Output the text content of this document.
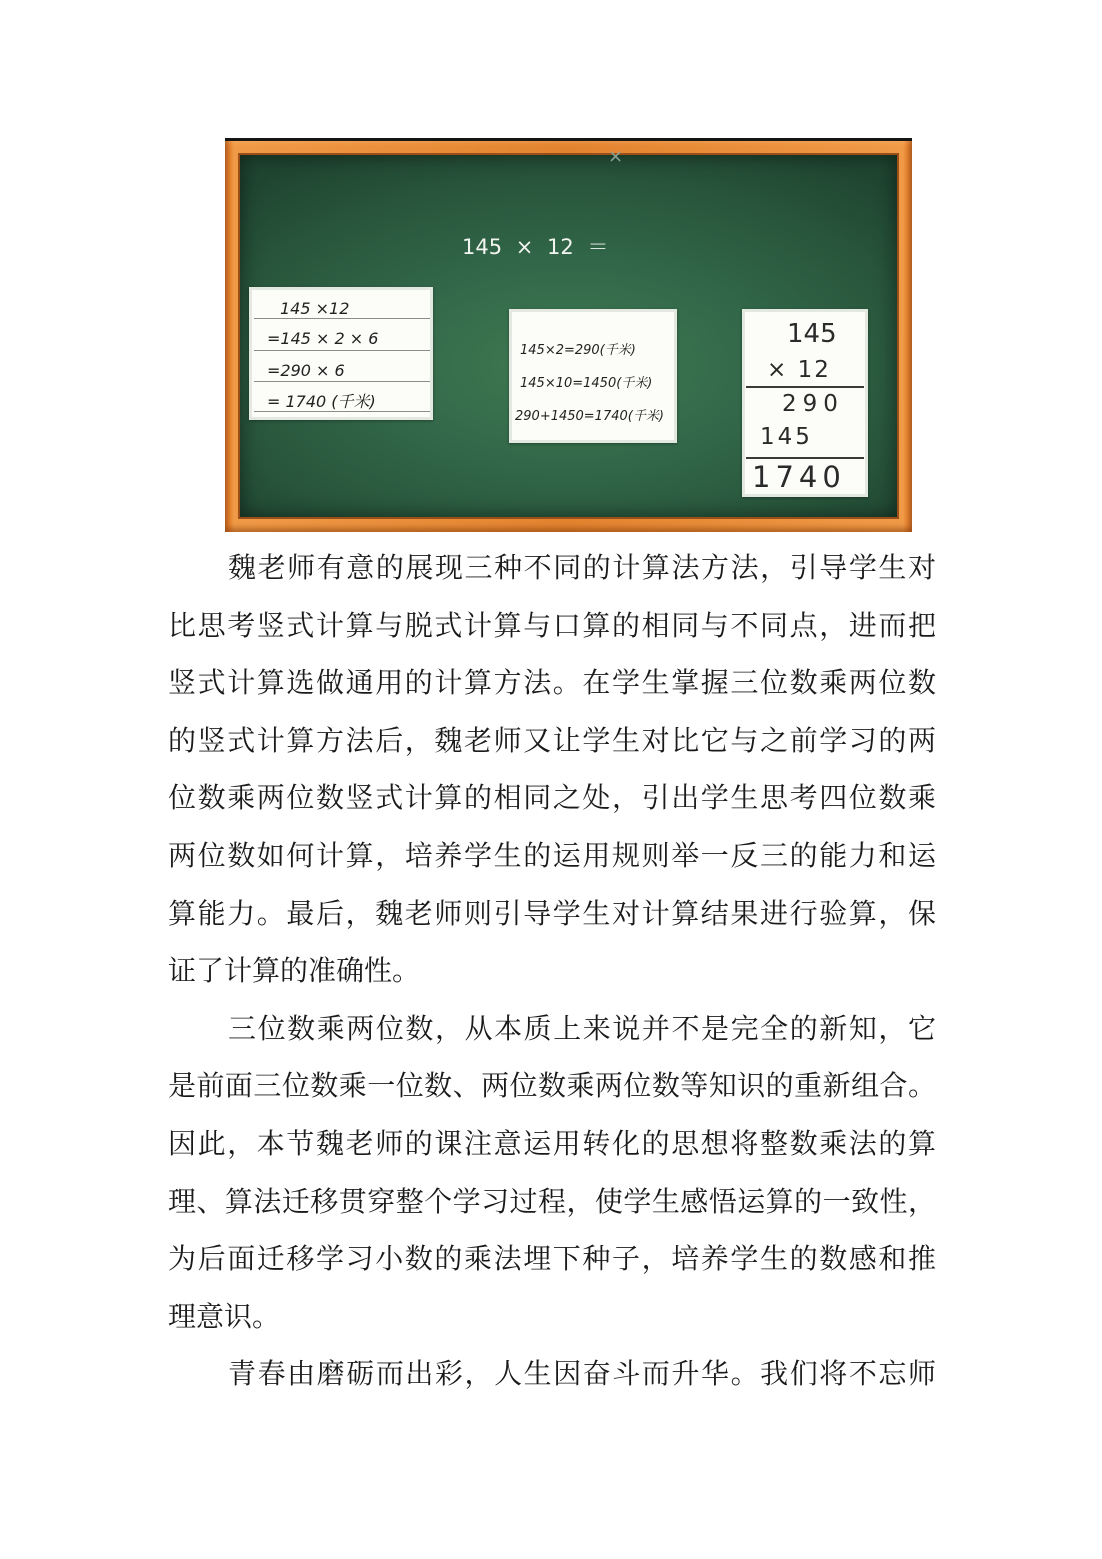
×
145 × 12 ＝
145 ×12
=145 × 2 × 6
=290 × 6
= 1740 (千米)
145×2=290(千米)
145×10=1450(千米)
290+1450=1740(千米)
145
× 12
290
145
1740
魏老师有意的展现三种不同的计算法方法，引导学生对
比思考竖式计算与脱式计算与口算的相同与不同点，进而把
竖式计算选做通用的计算方法。在学生掌握三位数乘两位数
的竖式计算方法后，魏老师又让学生对比它与之前学习的两
位数乘两位数竖式计算的相同之处，引出学生思考四位数乘
两位数如何计算，培养学生的运用规则举一反三的能力和运
算能力。最后，魏老师则引导学生对计算结果进行验算，保
证了计算的准确性。
三位数乘两位数，从本质上来说并不是完全的新知，它
是前面三位数乘一位数、两位数乘两位数等知识的重新组合。
因此，本节魏老师的课注意运用转化的思想将整数乘法的算
理、算法迁移贯穿整个学习过程，使学生感悟运算的一致性，
为后面迁移学习小数的乘法埋下种子，培养学生的数感和推
理意识。
青春由磨砺而出彩，人生因奋斗而升华。我们将不忘师
